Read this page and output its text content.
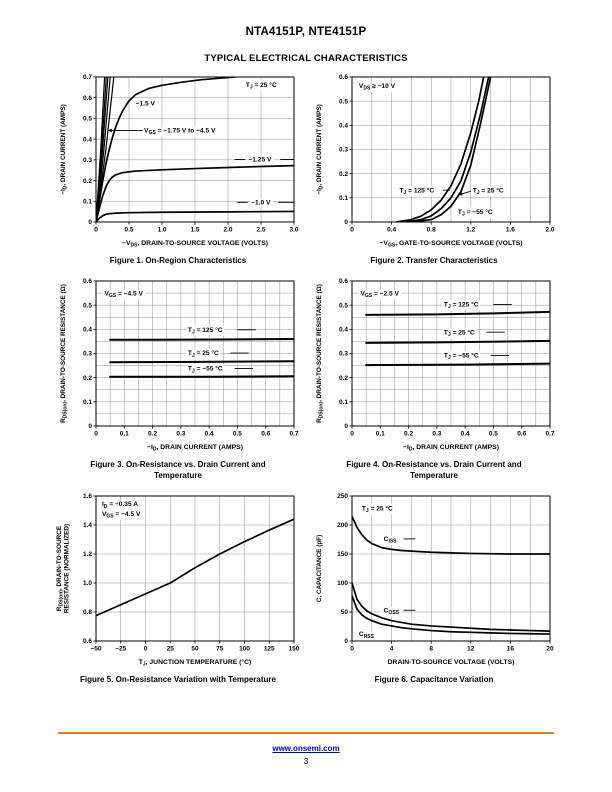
NTA4151P, NTE4151P
TYPICAL ELECTRICAL CHARACTERISTICS
$T_J = 25$ °C
−1.5 V
$V_{GS} = -1.75$ V to −4.5 V
−1.25 V
−1.0 V
0	0.5	1.0	1.5	2.0	2.5	3.0
0
0.1
0.2
0.3
0.4
0.5
0.6
0.7
$-V_{DS}$, DRAIN-TO-SOURCE VOLTAGE (VOLTS)
$-I_D$, DRAIN CURRENT (AMPS)
Figure 1. On-Region Characteristics
$V_{DS} \ge -10$ V
$T_J = 125$ °C	$T_J = 25$ °C
$T_J = -55$ °C
0	0.4	0.8	1.2	1.6	2.0
0
0.1
0.2
0.3
0.4
0.5
0.6
$-V_{GS}$, GATE-TO-SOURCE VOLTAGE (VOLTS)
$-I_D$, DRAIN CURRENT (AMPS)
Figure 2. Transfer Characteristics
$V_{GS} = -4.5$ V
$T_J = 125$ °C
$T_J = 25$ °C
$T_J = -55$ °C
0	0.1	0.2	0.3	0.4	0.5	0.6	0.7
0
0.1
0.2
0.3
0.4
0.5
0.6
$-I_D$, DRAIN CURRENT (AMPS)
$R_{DS(on)}$, DRAIN-TO-SOURCE RESISTANCE (Ω)
Figure 3. On-Resistance vs. Drain Current and Temperature
$V_{GS} = -2.5$ V
$T_J = 125$ °C
$T_J = 25$ °C
$T_J = -55$ °C
0	0.1	0.2	0.3	0.4	0.5	0.6	0.7
0
0.1
0.2
0.3
0.4
0.5
0.6
$-I_D$, DRAIN CURRENT (AMPS)
$R_{DS(on)}$, DRAIN-TO-SOURCE RESISTANCE (Ω)
Figure 4. On-Resistance vs. Drain Current and Temperature
$I_D = -0.35$ A
$V_{GS} = -4.5$ V
−50 −25	0	25	50	75 100 125 150
0.6
0.8
1.0
1.2
1.4
1.6
$T_J$, JUNCTION TEMPERATURE (°C)
$R_{DS(on)}$, DRAIN-TO-SOURCE RESISTANCE (NORMALIZED)
Figure 5. On-Resistance Variation with Temperature
$T_J = 25$ °C
$C_{ISS}$
$C_{OSS}$
$C_{RSS}$
0	4	8	12	16	20
0
50
100
150
200
250
DRAIN-TO-SOURCE VOLTAGE (VOLTS)
C, CAPACITANCE (pF)
Figure 6. Capacitance Variation
www.onsemi.com
3
